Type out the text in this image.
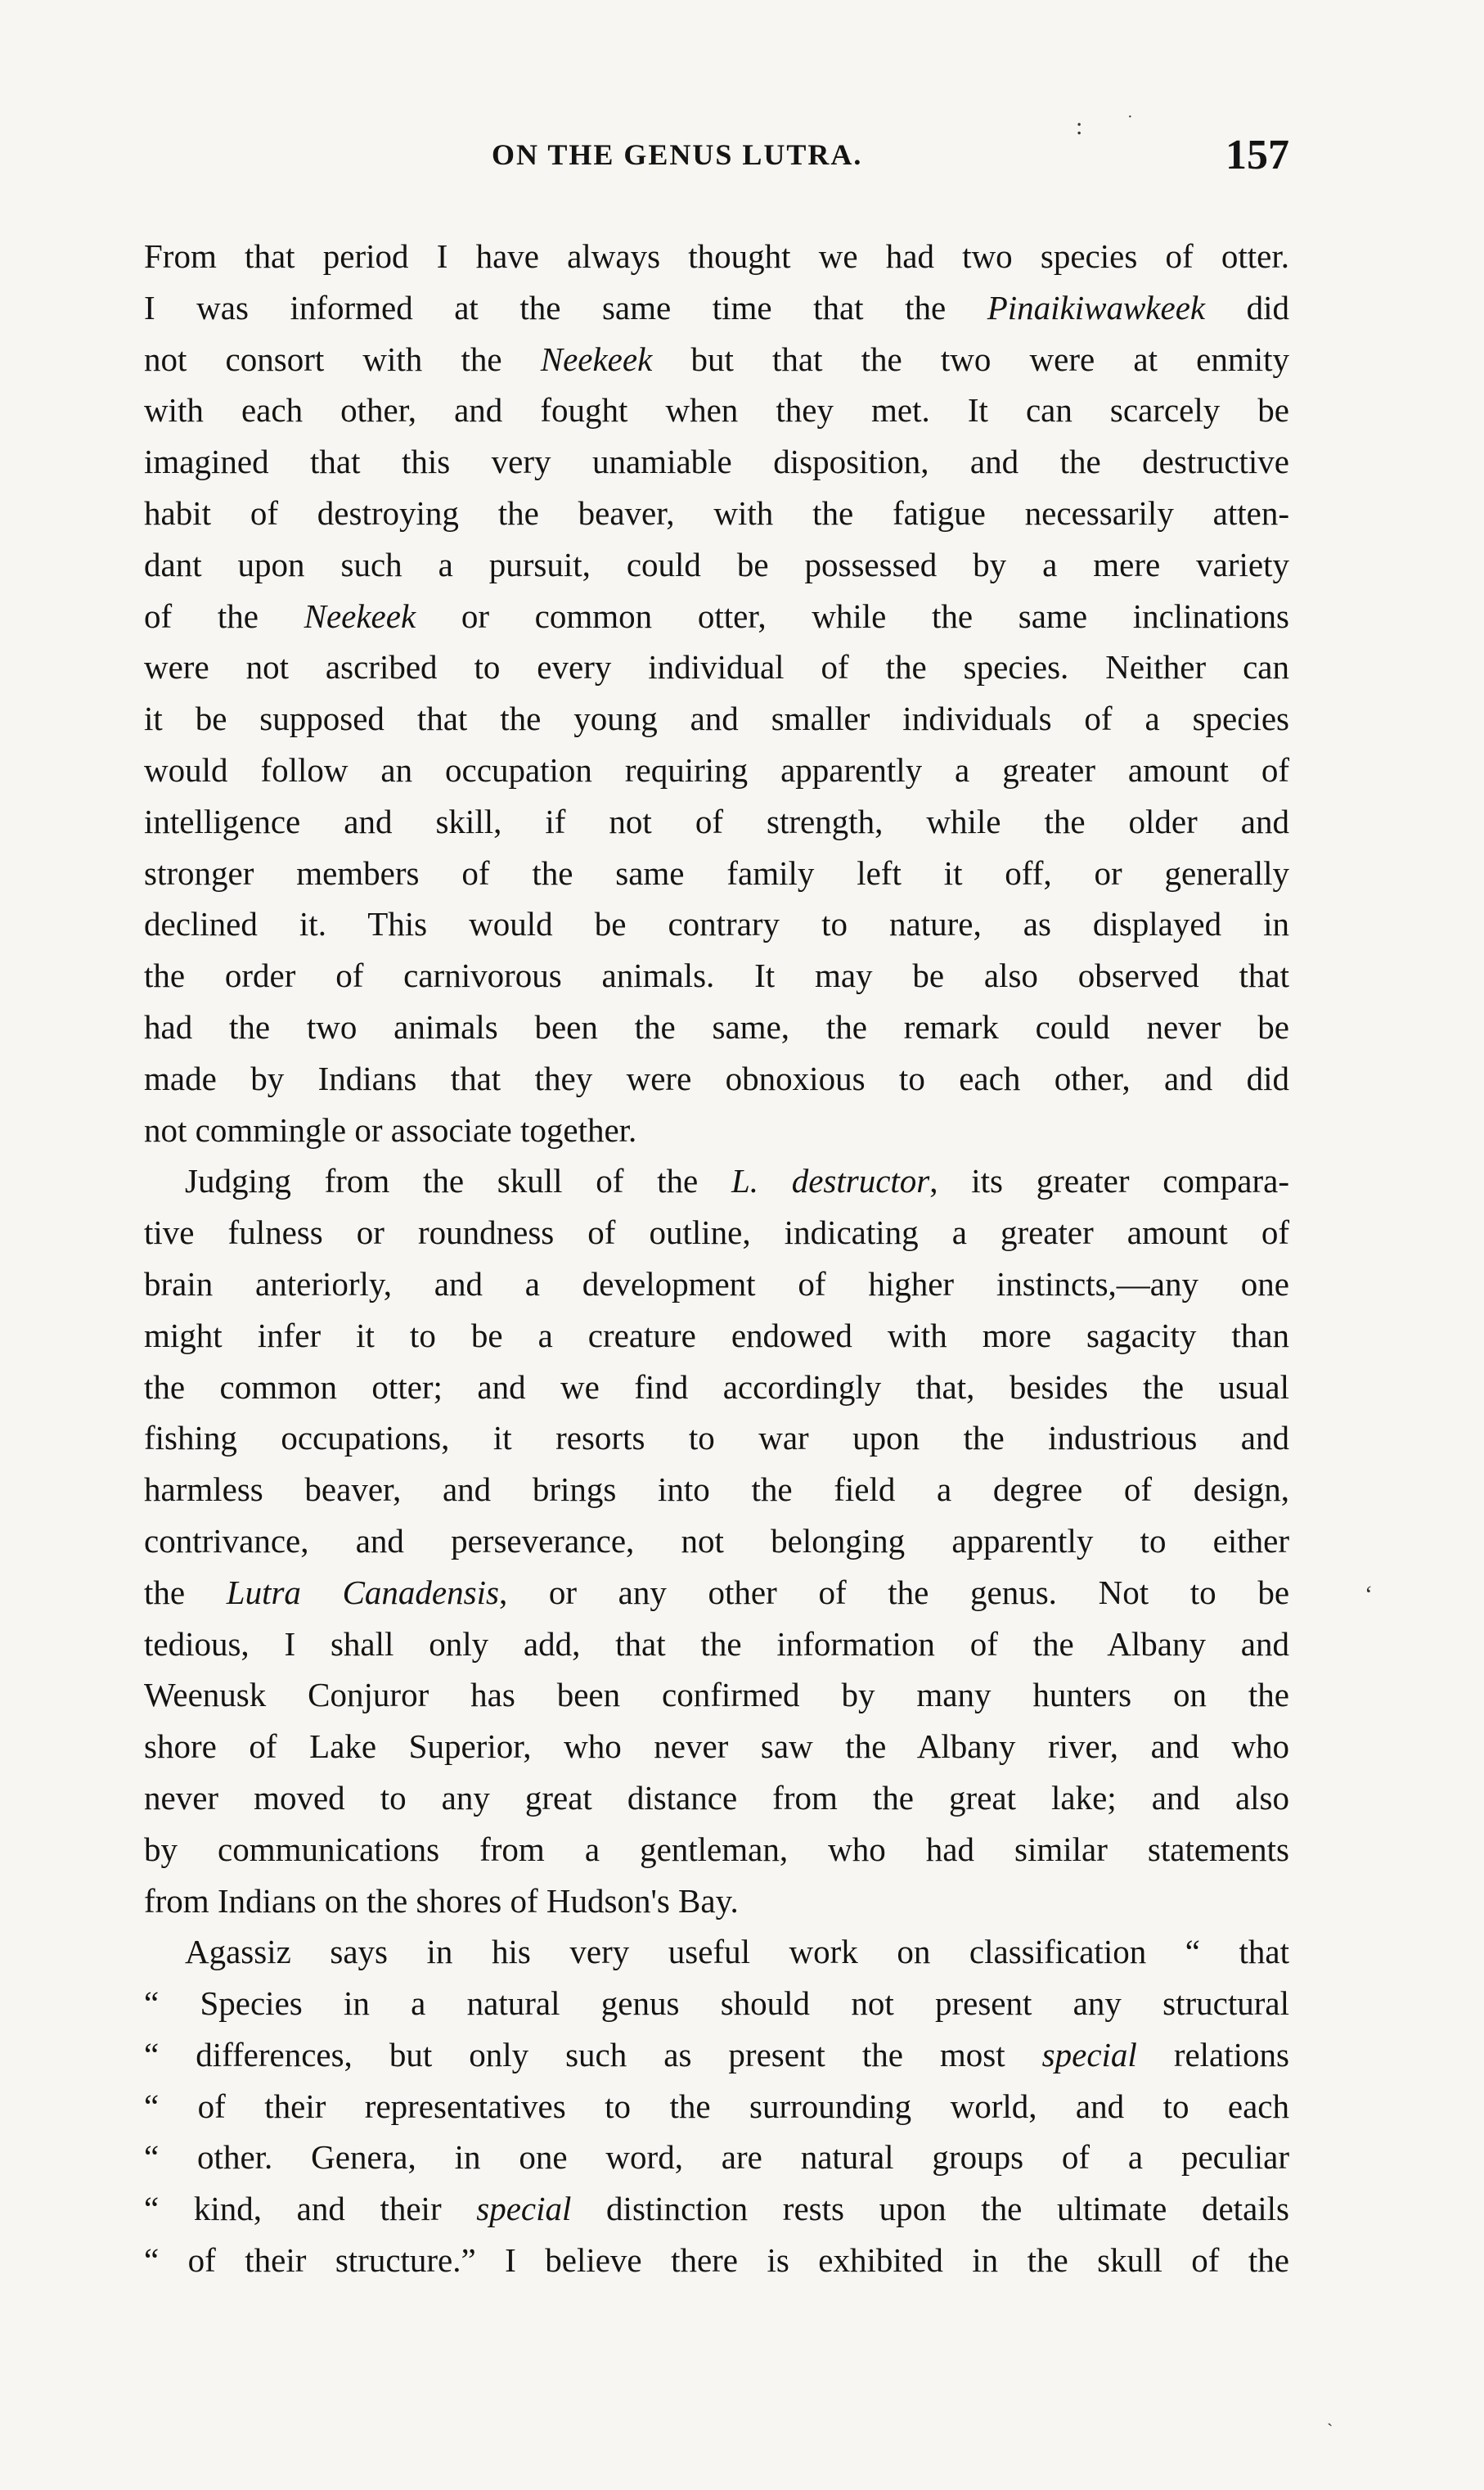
ON THE GENUS LUTRA.	157
·
:
From that period I have always thought we had two species of otter.
I was informed at the same time that the Pinaikiwawkeek did
not consort with the Neekeek but that the two were at enmity
with each other, and fought when they met. It can scarcely be
imagined that this very unamiable disposition, and the destructive
habit of destroying the beaver, with the fatigue necessarily atten-
dant upon such a pursuit, could be possessed by a mere variety
of the Neekeek or common otter, while the same inclinations
were not ascribed to every individual of the species. Neither can
it be supposed that the young and smaller individuals of a species
would follow an occupation requiring apparently a greater amount of
intelligence and skill, if not of strength, while the older and
stronger members of the same family left it off, or generally
declined it. This would be contrary to nature, as displayed in
the order of carnivorous animals. It may be also observed that
had the two animals been the same, the remark could never be
made by Indians that they were obnoxious to each other, and did
not commingle or associate together.
Judging from the skull of the L. destructor, its greater compara-
tive fulness or roundness of outline, indicating a greater amount of
brain anteriorly, and a development of higher instincts,—any one
might infer it to be a creature endowed with more sagacity than
the common otter; and we find accordingly that, besides the usual
fishing occupations, it resorts to war upon the industrious and
harmless beaver, and brings into the field a degree of design,
contrivance, and perseverance, not belonging apparently to either
the Lutra Canadensis, or any other of the genus. Not to be
tedious, I shall only add, that the information of the Albany and
Weenusk Conjuror has been confirmed by many hunters on the
shore of Lake Superior, who never saw the Albany river, and who
never moved to any great distance from the great lake; and also
by communications from a gentleman, who had similar statements
from Indians on the shores of Hudson's Bay.
Agassiz says in his very useful work on classification “ that
“ Species in a natural genus should not present any structural
“ differences, but only such as present the most special relations
“ of their representatives to the surrounding world, and to each
“ other. Genera, in one word, are natural groups of a peculiar
“ kind, and their special distinction rests upon the ultimate details
“ of their structure.” I believe there is exhibited in the skull of the
ʻ
ˏ
